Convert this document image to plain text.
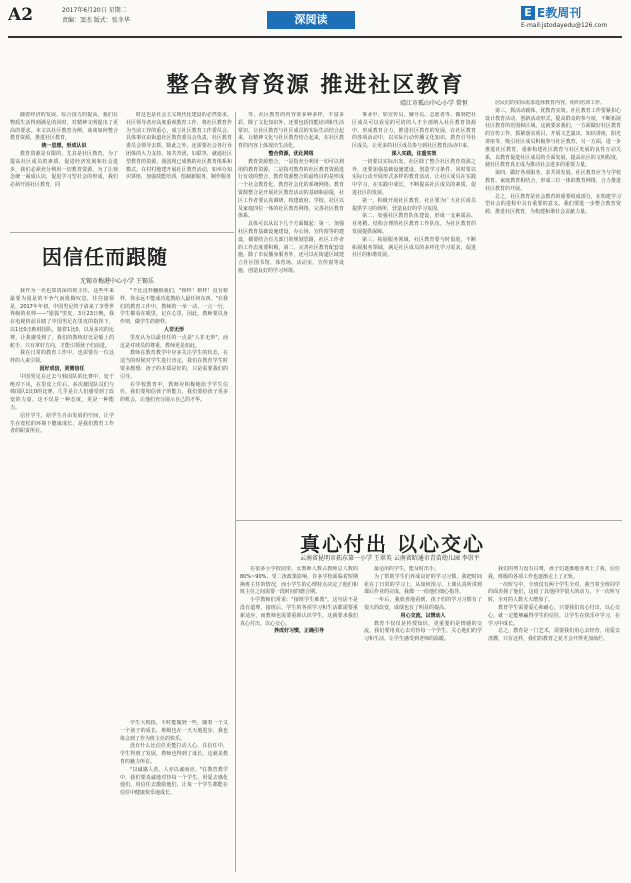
A2	2017年6月20日 星期二
责编：窦杰 版式：张冬华	深阅读
E E教周刊
E-mail:jstodayedu@126.com
整合教育资源 推进社区教育
靖江市孤山中心小学 常恒

随着经济的发展，综合国力的提高，我们在物质生活得到满足的同时，对精神文明提出了更高的要求。本文以社区教育为例，谈谈如何整合教育资源，推进社区教育。

统一思想，形成认识

教育资源是有限的，尤其是社区教育，为了提高社区成员的素质，促进经济发展和社会进步，我们必须充分利用一切教育资源，为了让观念统一凝成认识，促进学习型社会的形成，我们必须开展社区教育，同

时这也是社会主义现代化建设的必然要求，社区领导者应高度重视教育工作，将社区教育作为当前工作的重心，成立社区教育工作委员会，具体事宜由街道社区教育委员会负责，社区教育委员会领导去抓，除此之外，还需要社会各行业团体的大力支持，如共青团、妇联等，就通社区型教育的资源，我国现已成熟的社区教育体系和模式，在村村地建开展社区教育活动，如举办知识讲座，加强技能培训，绘制新服务，制作服务

等，社区教育的内容要多种多样，丰富多彩，除了文化知识外，还要包括技能培训和生活常识，让社区教育与社区成员的实际生活结合起来，让精神文化与社区教育结合起来，在社区教育的内容上体现出生活化。

整合资源，优化网络

教育资源整合，一是指充分利用一切可以利用的教育资源，二是指对教育的社区教育资源进行有效的整合，教育资源整合的最终目的是形成一个社会教育化、教育社会化的系统网络。教育资源整合是开展社区教育活动的基础和前提，社区工作者要认真调研，构建政府、学校、社区以及家庭四位一体的社区教育网络，完善社区教育体系。

具体可以从以下几个方面做起：第一，加强社区教育基础设施建设，办公场、宣传窗等的建设，都要结合有关部门的规划思路，社区工作者的工作态度要积极，第二，完善社区教育配套设施，除了市民播身服务外，还可以在街道区域建立社区图书馆、体育场、活动室、宣传窗等设施，创造良好的学习环境。

事业中，如宣传员、辅导员、志愿者等，做到把社区成员可以看见的可培的人才全部纳入社区教育资源中，形成教育合力，推进社区教育的发展，在社区教育的各项活动中，以实际行动传播文化知识，教育引导社区成员，让更多的社区成员参与到社区教育活动中来。

深入实践，注重实效

一切要以实际出发，社区除了整合社区教育资源之外，还要加强基础设施建设，创造学习条件，同时要以实际行动开展形式多样的教育活动，让社区成员在实践中学习，在实践中成长，不断提高社区成员的素质，促进社区的发展。

第一，积极开展社区教育，社区要为广大社区成员提供学习的场所，营造良好的学习氛围。

第二，加强社区教育队伍建设，形成一支素质高、业务精、结构合理的社区教育工作队伍，为社区教育的发展提供保障。

第三，拓展服务领域，社区教育要与时俱进，不断拓展服务领域，满足社区成员的多样化学习需求，促进社区的和谐发展。

居民们的实际需求选择教育内容，组织培训工作。

第三，抓活动载体，优教育实效。社区教育工作要紧扣心设计教育活动，创新活动形式，提高群众的参与度，不断拓展社区教育的范围和区域，这就要求我们，一方面做好社区教育的宣传工作，抓紧落实项目，开展文艺演出，知识讲座，阳光讲座等，吸引社区成员积极参与社区教育，另一方面，进一步推进社区教育，重新构建社区教育与社区发展的良性互动关系，以教育促进社区成员的全面发展，提高社区的文明程度，使社区教育真正成为推动社会进步的重要力量。

第四，做好各项服务，求共同发展。社区教育应当与学校教育、家庭教育相结合，形成三位一体的教育网络，合力推进社区教育的开展。

总之，社区教育是社会教育的重要组成部分，在构建学习型社会的进程中具有重要的意义，我们要进一步整合教育资源，推进社区教育，为构建和谐社会贡献力量。

因信任而跟随
无锡市梅港中心小学 王锡乐

我作为一名也算资深的班主任，这些年来最要为国是的不争气而批腾叹息，往往接领是，2017年年初，中国男足终于请来了享誉世界级的名帅——"银狐"里皮，3月23日晚，我在电视机前目睹了中国男足在里皮的指挥下，以1比0击败韩国队，接着1比0，以及多次的比赛，让我感受到了，我们的教练好比是船上的舵手，只有掌好方向，才能引领孩子们前进。

我在日常的教育工作中，也需要有一位这样的人来引领。

因好成信，更需信任

中国男足在过去与韩国队的比赛中，处于绝对下风，在里皮上任后，多次被国队员们与韩国队1比0的比赛，几乎是让人们感受到了改变的力量，这不仅是一种态度，更是一种能力。

信任学生，给学生自由发展的空间，让学生在宽松的环境下健康成长，是我们教育工作者的职责所在。

"不比这样翻脸我们，"榜样！榜样！没有榜样，你永远不能成功进教给人最任何东西。"在我们的教育工作中，教师的一举一动、一言一行，学生都看在眼里，记在心里，因此，教师要以身作则，做学生的榜样。

人非无形

里皮认为以最佳任的一点是"人非无形"，而这是对球员的尊重，教师更是如此。

教师在教育教学中应多关注学生的状态，在适当的时候对学生进行肯定，我们在教育学生时要多想想：孩子的本质是好的，只是需要我们的引导。

在学校教育中，教师应积极地给予学生信任，我们要相信孩子的能力，我们要给孩子更多的机会，让他们充分展示自己的才华。

学生大拇指，平时能做到一些，随着一个又一个孩子的成长，班级也在一天天地进步，我也体会到了作为班主任的快乐。

没有什么比信任更能打动人心，在信任中，学生得到了发展，教师也得到了成长，这就是教育的魅力所在。

"以诚感人者，人亦以诚而应。"在教育教学中，我们要真诚地对待每一个学生，用爱去感化他们，用信任去激励他们，让每一个学生都能在信任中健康快乐地成长。

真心付出 以心交心
云南省昆明市拓东第一小学 王翠英 云南省昭通市青苗幼儿园 李崇平

在很多小学校园里，女教师人数占教师总人数的80%~90%，受二孩政策影响，许多学校面临着短期换班主任的情况，而小学生的心理特点决定了他们和班主任之间需要一段时间的磨合期。

小学教师们常说："接班学生难教"。这句话不是没有道理，接班后，学生的各项学习和生活都需要重新适应，而教师也需要重新认识学生，这就要求我们真心付出，以心交心。

养成好习惯，正确引导

最适用的学生，能及时出手。

为了帮助学生们养成良好的学习习惯，我把时间花在了日常的学习上，从如何预习、上课认真听讲到课后作业的完成，我都一一给他们细心指导。

一年后，我欣喜地看到，孩子们的学习习惯有了很大的改变，成绩也有了明显的提高。

用心交流，以情动人

教育不仅仅是传授知识，更重要的是情感的交流，我们要用真心去对待每一个学生，关心他们的学习和生活，让学生感受到老师的温暖。

我们的努力没有白费，孩子们逐渐地喜欢上了我，信任我，班级的各项工作也逐渐走上了正轨。

一次听写中，全班仅有两个学生全对，我当着全班同学的面表扬了他们，这给了其他同学很大的动力，下一次听写时，全对的人数大大增加了。

教育学生需要爱心和耐心，只要我们真心付出，以心交心，就一定能够赢得学生的信任，让学生在快乐中学习，在学习中成长。

总之，教育是一门艺术，需要我们用心去经营，用爱去浇灌，只有这样，我们的教育之花才会开得更加灿烂。
